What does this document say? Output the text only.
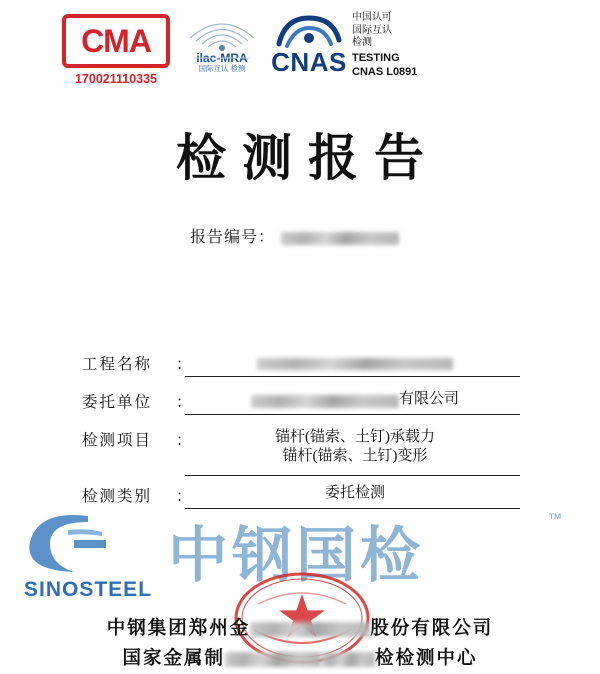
CMA
170021110335
ilac-MRA
国际互认 检测 CNAS
中国认可
国际互认
检测
TESTING
CNAS L0891
检测报告
报告编号：
工程名称	：
委托单位	：	有限公司
检测项目	：	锚杆(锚索、土钉)承载力
锚杆(锚索、土钉)变形
检测类别	：	委托检测
中钢国检
™
SINOSTEEL
中钢集团郑州金	股份有限公司
国家金属制	检检测中心
